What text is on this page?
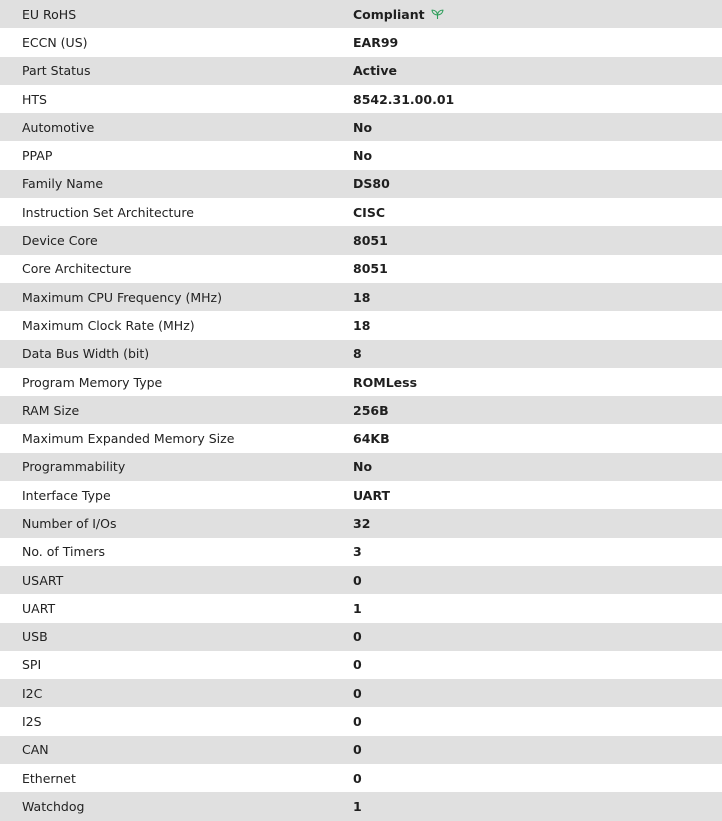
EU RoHS	Compliant
ECCN (US)	EAR99
Part Status	Active
HTS	8542.31.00.01
Automotive	No
PPAP	No
Family Name	DS80
Instruction Set Architecture	CISC
Device Core	8051
Core Architecture	8051
Maximum CPU Frequency (MHz)	18
Maximum Clock Rate (MHz)	18
Data Bus Width (bit)	8
Program Memory Type	ROMLess
RAM Size	256B
Maximum Expanded Memory Size	64KB
Programmability	No
Interface Type	UART
Number of I/Os	32
No. of Timers	3
USART	0
UART	1
USB	0
SPI	0
I2C	0
I2S	0
CAN	0
Ethernet	0
Watchdog	1
